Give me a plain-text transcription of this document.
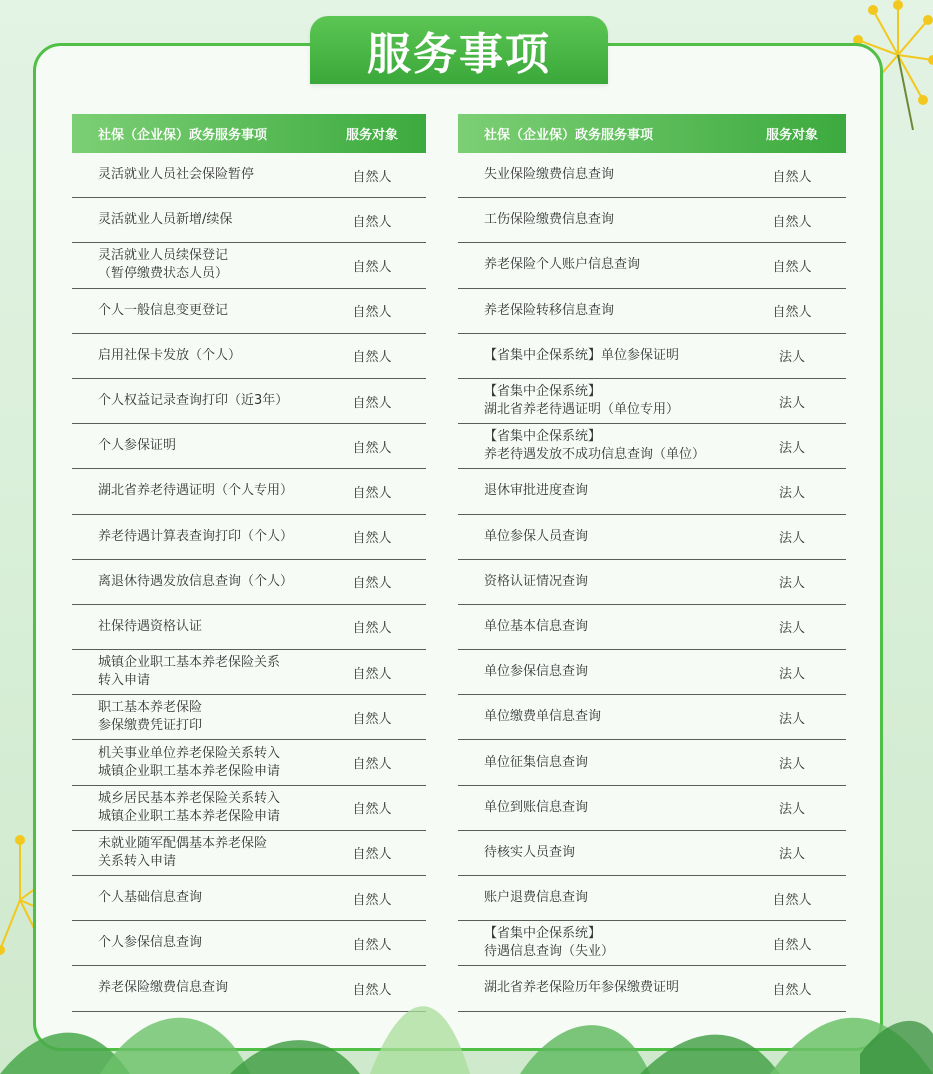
服务事项
社保（企业保）政务服务事项	服务对象
灵活就业人员社会保险暂停	自然人
灵活就业人员新增/续保	自然人
灵活就业人员续保登记
（暂停缴费状态人员）	自然人
个人一般信息变更登记	自然人
启用社保卡发放（个人）	自然人
个人权益记录查询打印（近3年）	自然人
个人参保证明	自然人
湖北省养老待遇证明（个人专用）	自然人
养老待遇计算表查询打印（个人）	自然人
离退休待遇发放信息查询（个人）	自然人
社保待遇资格认证	自然人
城镇企业职工基本养老保险关系
转入申请	自然人
职工基本养老保险
参保缴费凭证打印	自然人
机关事业单位养老保险关系转入
城镇企业职工基本养老保险申请	自然人
城乡居民基本养老保险关系转入
城镇企业职工基本养老保险申请	自然人
未就业随军配偶基本养老保险
关系转入申请	自然人
个人基础信息查询	自然人
个人参保信息查询	自然人
养老保险缴费信息查询	自然人
社保（企业保）政务服务事项	服务对象
失业保险缴费信息查询	自然人
工伤保险缴费信息查询	自然人
养老保险个人账户信息查询	自然人
养老保险转移信息查询	自然人
【省集中企保系统】单位参保证明	法人
【省集中企保系统】
湖北省养老待遇证明（单位专用）	法人
【省集中企保系统】
养老待遇发放不成功信息查询（单位）	法人
退休审批进度查询	法人
单位参保人员查询	法人
资格认证情况查询	法人
单位基本信息查询	法人
单位参保信息查询	法人
单位缴费单信息查询	法人
单位征集信息查询	法人
单位到账信息查询	法人
待核实人员查询	法人
账户退费信息查询	自然人
【省集中企保系统】
待遇信息查询（失业）	自然人
湖北省养老保险历年参保缴费证明	自然人
